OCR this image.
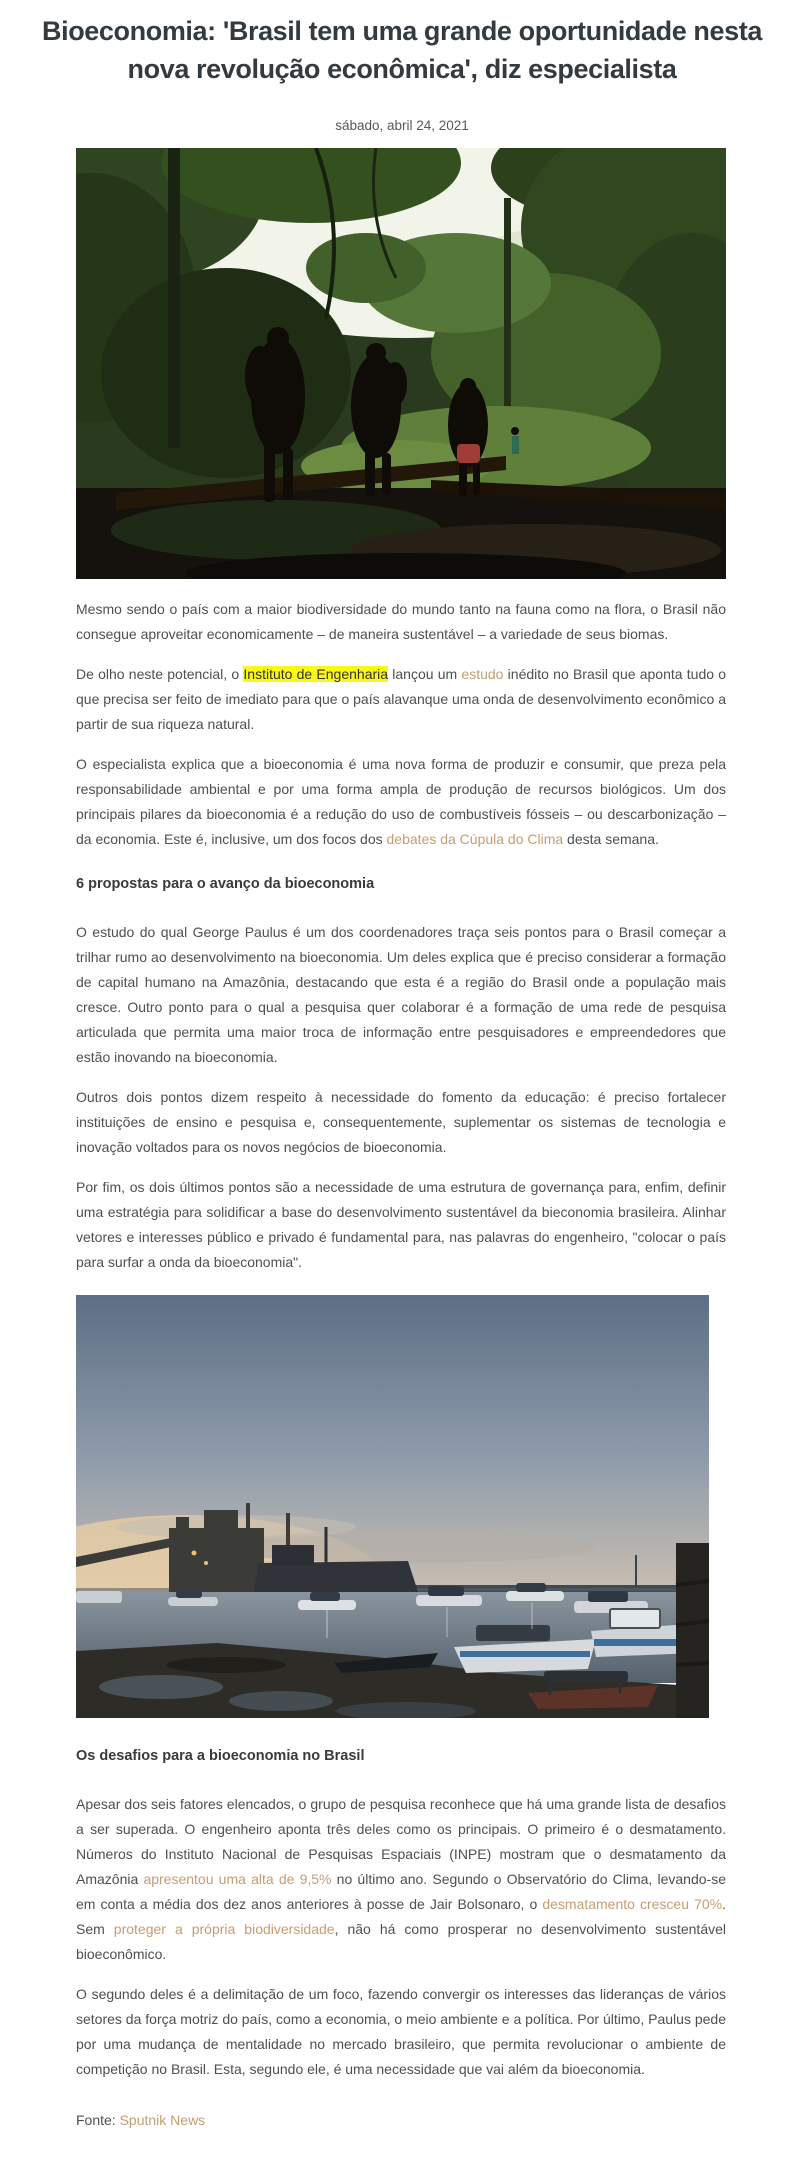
Bioeconomia: 'Brasil tem uma grande oportunidade nesta nova revolução econômica', diz especialista
sábado, abril 24, 2021

Mesmo sendo o país com a maior biodiversidade do mundo tanto na fauna como na flora, o Brasil não consegue aproveitar economicamente – de maneira sustentável – a variedade de seus biomas.

De olho neste potencial, o Instituto de Engenharia lançou um estudo inédito no Brasil que aponta tudo o que precisa ser feito de imediato para que o país alavanque uma onda de desenvolvimento econômico a partir de sua riqueza natural.

O especialista explica que a bioeconomia é uma nova forma de produzir e consumir, que preza pela responsabilidade ambiental e por uma forma ampla de produção de recursos biológicos. Um dos principais pilares da bioeconomia é a redução do uso de combustíveis fósseis – ou descarbonização – da economia. Este é, inclusive, um dos focos dos debates da Cúpula do Clima desta semana.

6 propostas para o avanço da bioeconomia

O estudo do qual George Paulus é um dos coordenadores traça seis pontos para o Brasil começar a trilhar rumo ao desenvolvimento na bioeconomia. Um deles explica que é preciso considerar a formação de capital humano na Amazônia, destacando que esta é a região do Brasil onde a população mais cresce. Outro ponto para o qual a pesquisa quer colaborar é a formação de uma rede de pesquisa articulada que permita uma maior troca de informação entre pesquisadores e empreendedores que estão inovando na bioeconomia.

Outros dois pontos dizem respeito à necessidade do fomento da educação: é preciso fortalecer instituições de ensino e pesquisa e, consequentemente, suplementar os sistemas de tecnologia e inovação voltados para os novos negócios de bioeconomia.

Por fim, os dois últimos pontos são a necessidade de uma estrutura de governança para, enfim, definir uma estratégia para solidificar a base do desenvolvimento sustentável da bieconomia brasileira. Alinhar vetores e interesses público e privado é fundamental para, nas palavras do engenheiro, "colocar o país para surfar a onda da bioeconomia".

Os desafios para a bioeconomia no Brasil

Apesar dos seis fatores elencados, o grupo de pesquisa reconhece que há uma grande lista de desafios a ser superada. O engenheiro aponta três deles como os principais. O primeiro é o desmatamento. Números do Instituto Nacional de Pesquisas Espaciais (INPE) mostram que o desmatamento da Amazônia apresentou uma alta de 9,5% no último ano. Segundo o Observatório do Clima, levando-se em conta a média dos dez anos anteriores à posse de Jair Bolsonaro, o desmatamento cresceu 70%. Sem proteger a própria biodiversidade, não há como prosperar no desenvolvimento sustentável bioeconômico.

O segundo deles é a delimitação de um foco, fazendo convergir os interesses das lideranças de vários setores da força motriz do país, como a economia, o meio ambiente e a política. Por último, Paulus pede por uma mudança de mentalidade no mercado brasileiro, que permita revolucionar o ambiente de competição no Brasil. Esta, segundo ele, é uma necessidade que vai além da bioeconomia.

Fonte: Sputnik News
